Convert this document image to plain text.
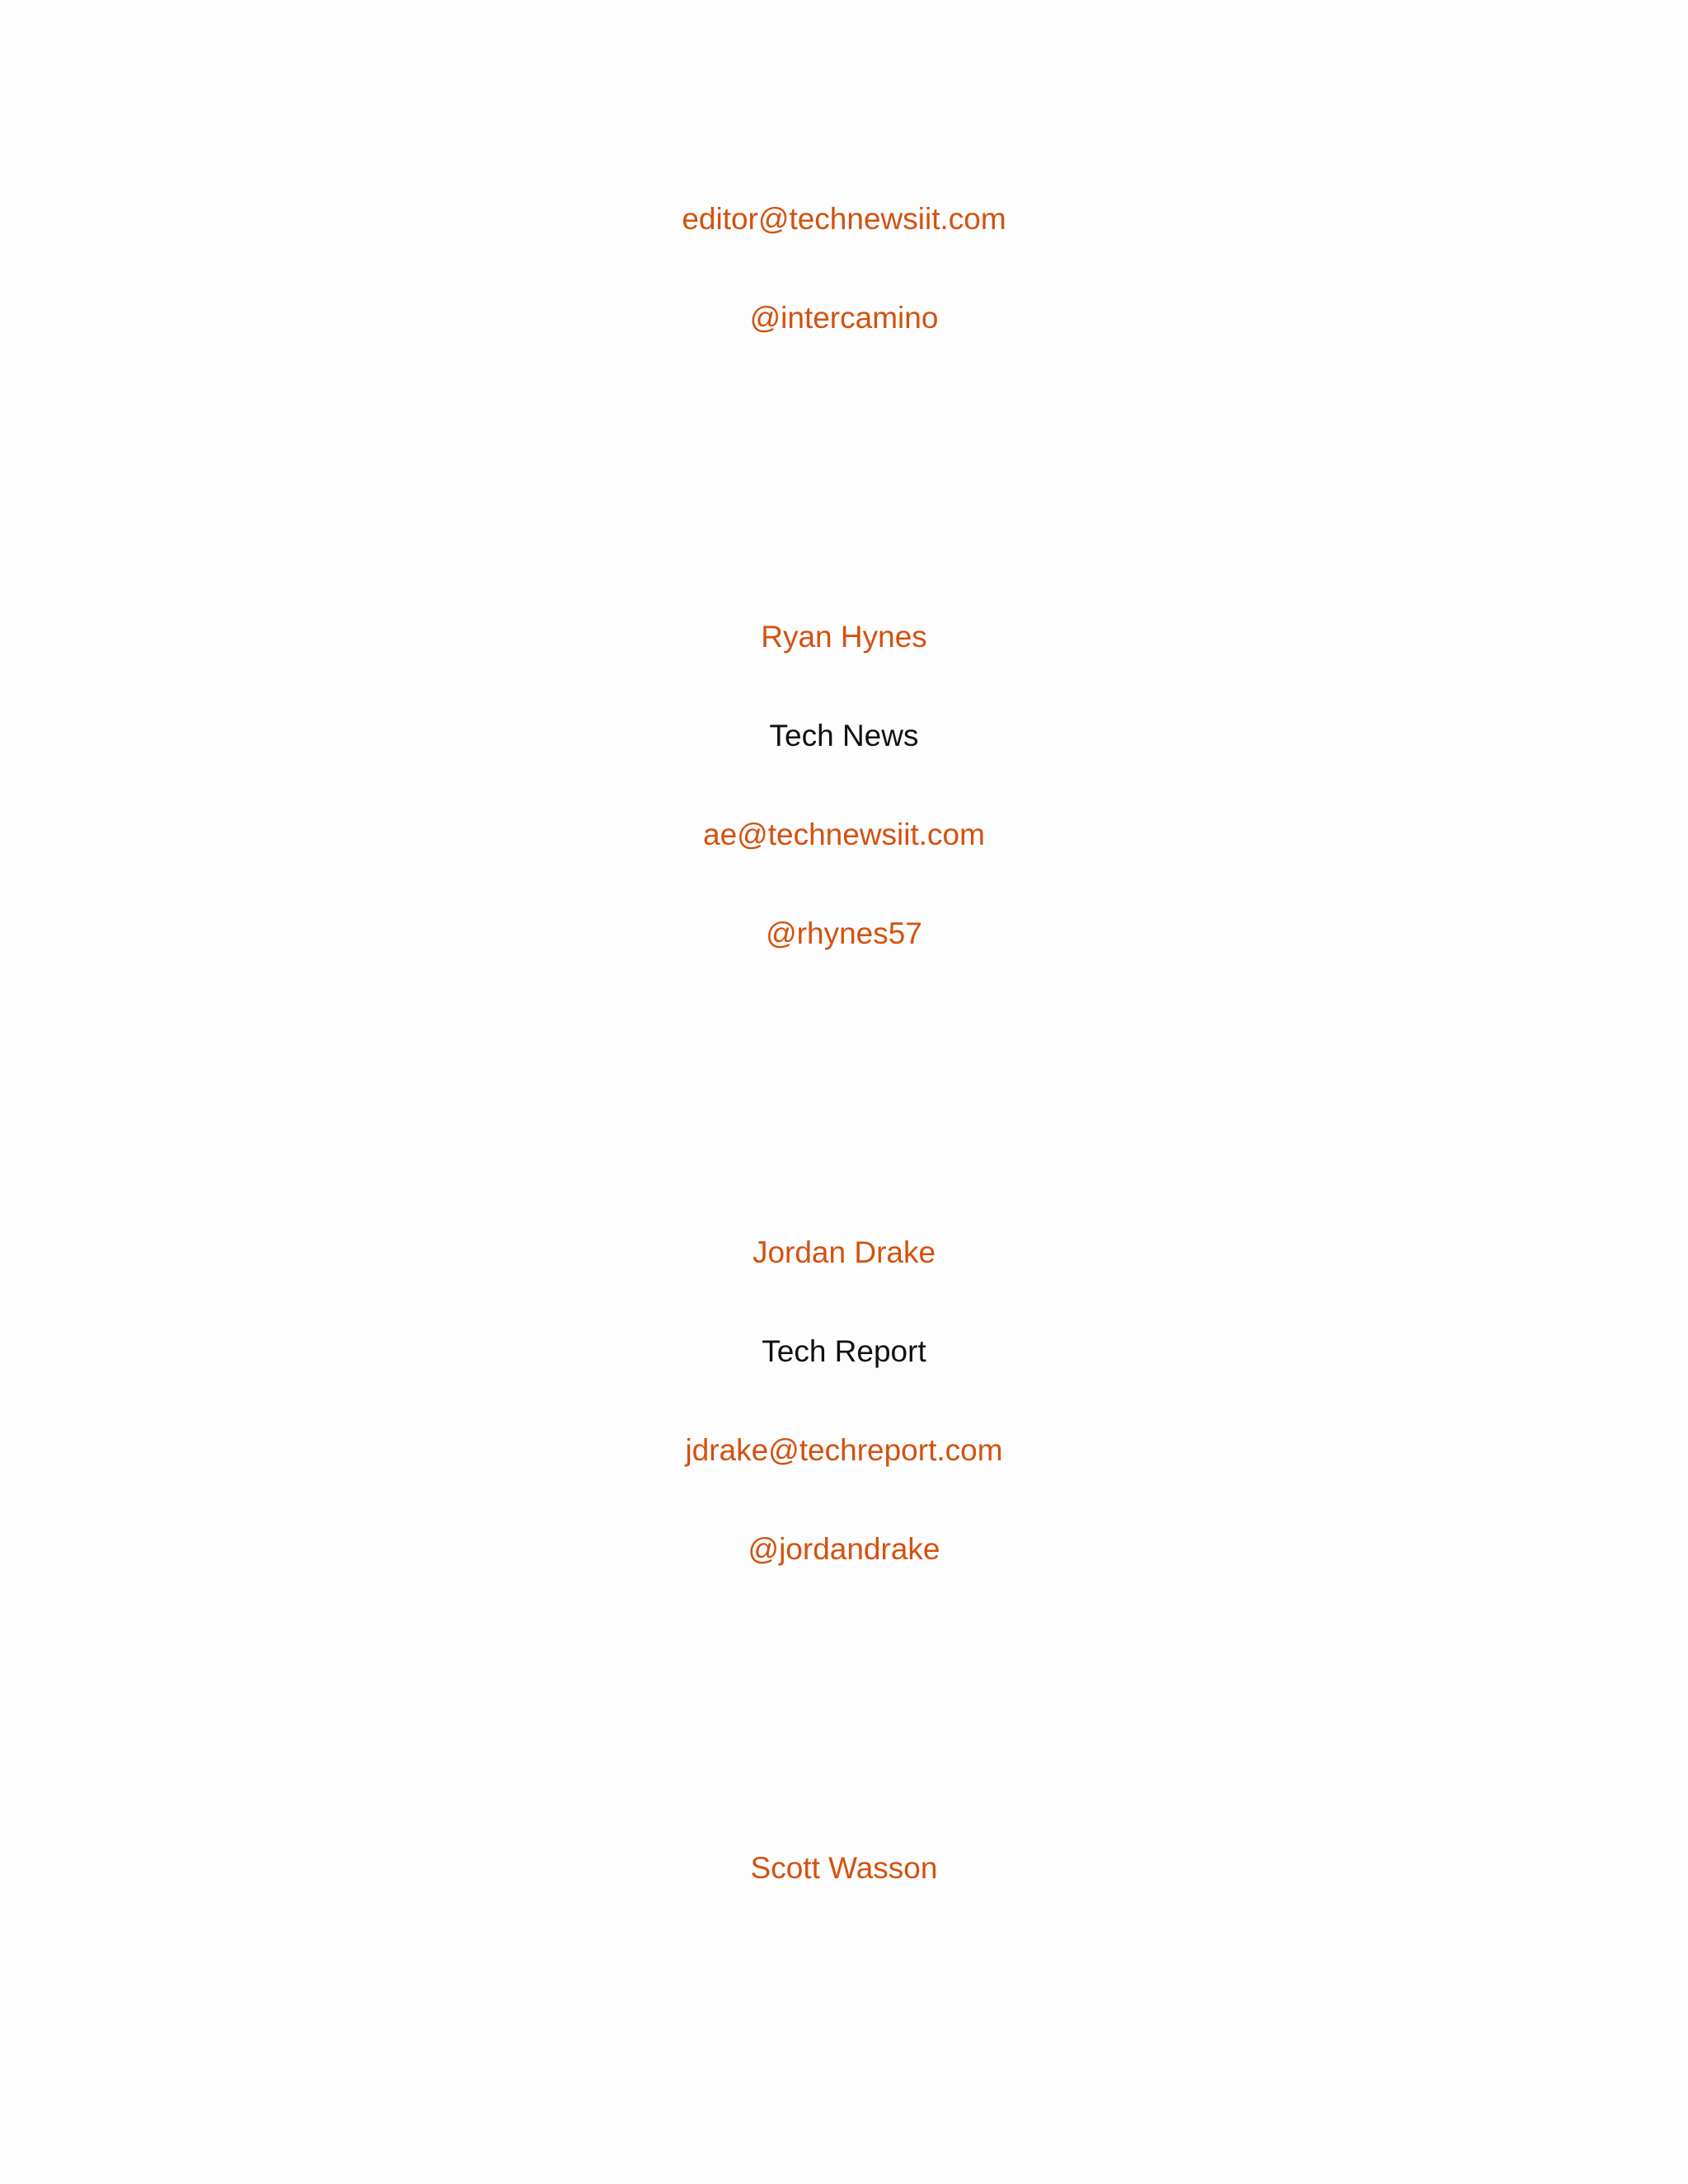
editor@technewsiit.com
@intercamino
Ryan Hynes
Tech News
ae@technewsiit.com
@rhynes57
Jordan Drake
Tech Report
jdrake@techreport.com
@jordandrake
Scott Wasson
